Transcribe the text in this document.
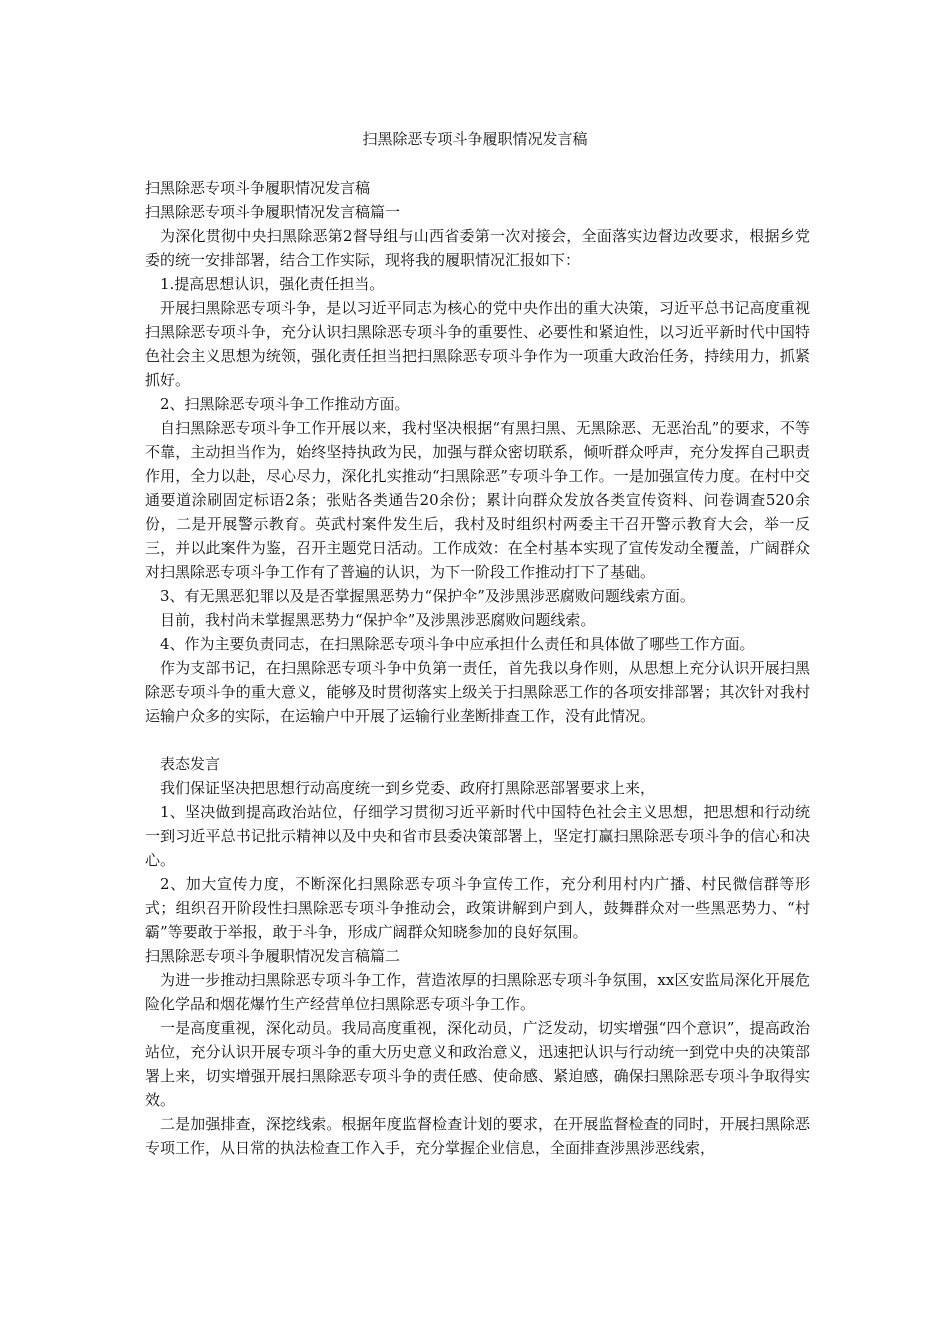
扫黑除恶专项斗争履职情况发言稿

扫黑除恶专项斗争履职情况发言稿

扫黑除恶专项斗争履职情况发言稿篇一

为深化贯彻中央扫黑除恶第2督导组与山西省委第一次对接会，全面落实边督边改要求，根据乡党委的统一安排部署，结合工作实际，现将我的履职情况汇报如下：

1.提高思想认识，强化责任担当。

开展扫黑除恶专项斗争，是以习近平同志为核心的党中央作出的重大决策，习近平总书记高度重视扫黑除恶专项斗争，充分认识扫黑除恶专项斗争的重要性、必要性和紧迫性，以习近平新时代中国特色社会主义思想为统领，强化责任担当把扫黑除恶专项斗争作为一项重大政治任务，持续用力，抓紧抓好。

2、扫黑除恶专项斗争工作推动方面。

自扫黑除恶专项斗争工作开展以来，我村坚决根据“有黑扫黑、无黑除恶、无恶治乱”的要求，不等不靠，主动担当作为，始终坚持执政为民，加强与群众密切联系，倾听群众呼声，充分发挥自己职责作用，全力以赴，尽心尽力，深化扎实推动“扫黑除恶”专项斗争工作。一是加强宣传力度。在村中交通要道涂刷固定标语2条；张贴各类通告20余份；累计向群众发放各类宣传资料、问卷调查520余份，二是开展警示教育。英武村案件发生后，我村及时组织村两委主干召开警示教育大会，举一反三，并以此案件为鉴，召开主题党日活动。工作成效：在全村基本实现了宣传发动全覆盖，广阔群众对扫黑除恶专项斗争工作有了普遍的认识，为下一阶段工作推动打下了基础。

3、有无黑恶犯罪以及是否掌握黑恶势力“保护伞”及涉黑涉恶腐败问题线索方面。

目前，我村尚未掌握黑恶势力“保护伞”及涉黑涉恶腐败问题线索。

4、作为主要负责同志，在扫黑除恶专项斗争中应承担什么责任和具体做了哪些工作方面。

作为支部书记，在扫黑除恶专项斗争中负第一责任，首先我以身作则，从思想上充分认识开展扫黑除恶专项斗争的重大意义，能够及时贯彻落实上级关于扫黑除恶工作的各项安排部署；其次针对我村运输户众多的实际，在运输户中开展了运输行业垄断排查工作，没有此情况。

表态发言

我们保证坚决把思想行动高度统一到乡党委、政府打黑除恶部署要求上来，

1、坚决做到提高政治站位，仔细学习贯彻习近平新时代中国特色社会主义思想，把思想和行动统一到习近平总书记批示精神以及中央和省市县委决策部署上，坚定打赢扫黑除恶专项斗争的信心和决心。

2、加大宣传力度，不断深化扫黑除恶专项斗争宣传工作，充分利用村内广播、村民微信群等形式；组织召开阶段性扫黑除恶专项斗争推动会，政策讲解到户到人，鼓舞群众对一些黑恶势力、“村霸”等要敢于举报，敢于斗争，形成广阔群众知晓参加的良好氛围。

扫黑除恶专项斗争履职情况发言稿篇二

为进一步推动扫黑除恶专项斗争工作，营造浓厚的扫黑除恶专项斗争氛围，xx区安监局深化开展危险化学品和烟花爆竹生产经营单位扫黑除恶专项斗争工作。

一是高度重视，深化动员。我局高度重视，深化动员，广泛发动，切实增强“四个意识”，提高政治站位，充分认识开展专项斗争的重大历史意义和政治意义，迅速把认识与行动统一到党中央的决策部署上来，切实增强开展扫黑除恶专项斗争的责任感、使命感、紧迫感，确保扫黑除恶专项斗争取得实效。

二是加强排查，深挖线索。根据年度监督检查计划的要求，在开展监督检查的同时，开展扫黑除恶专项工作，从日常的执法检查工作入手，充分掌握企业信息，全面排查涉黑涉恶线索，
